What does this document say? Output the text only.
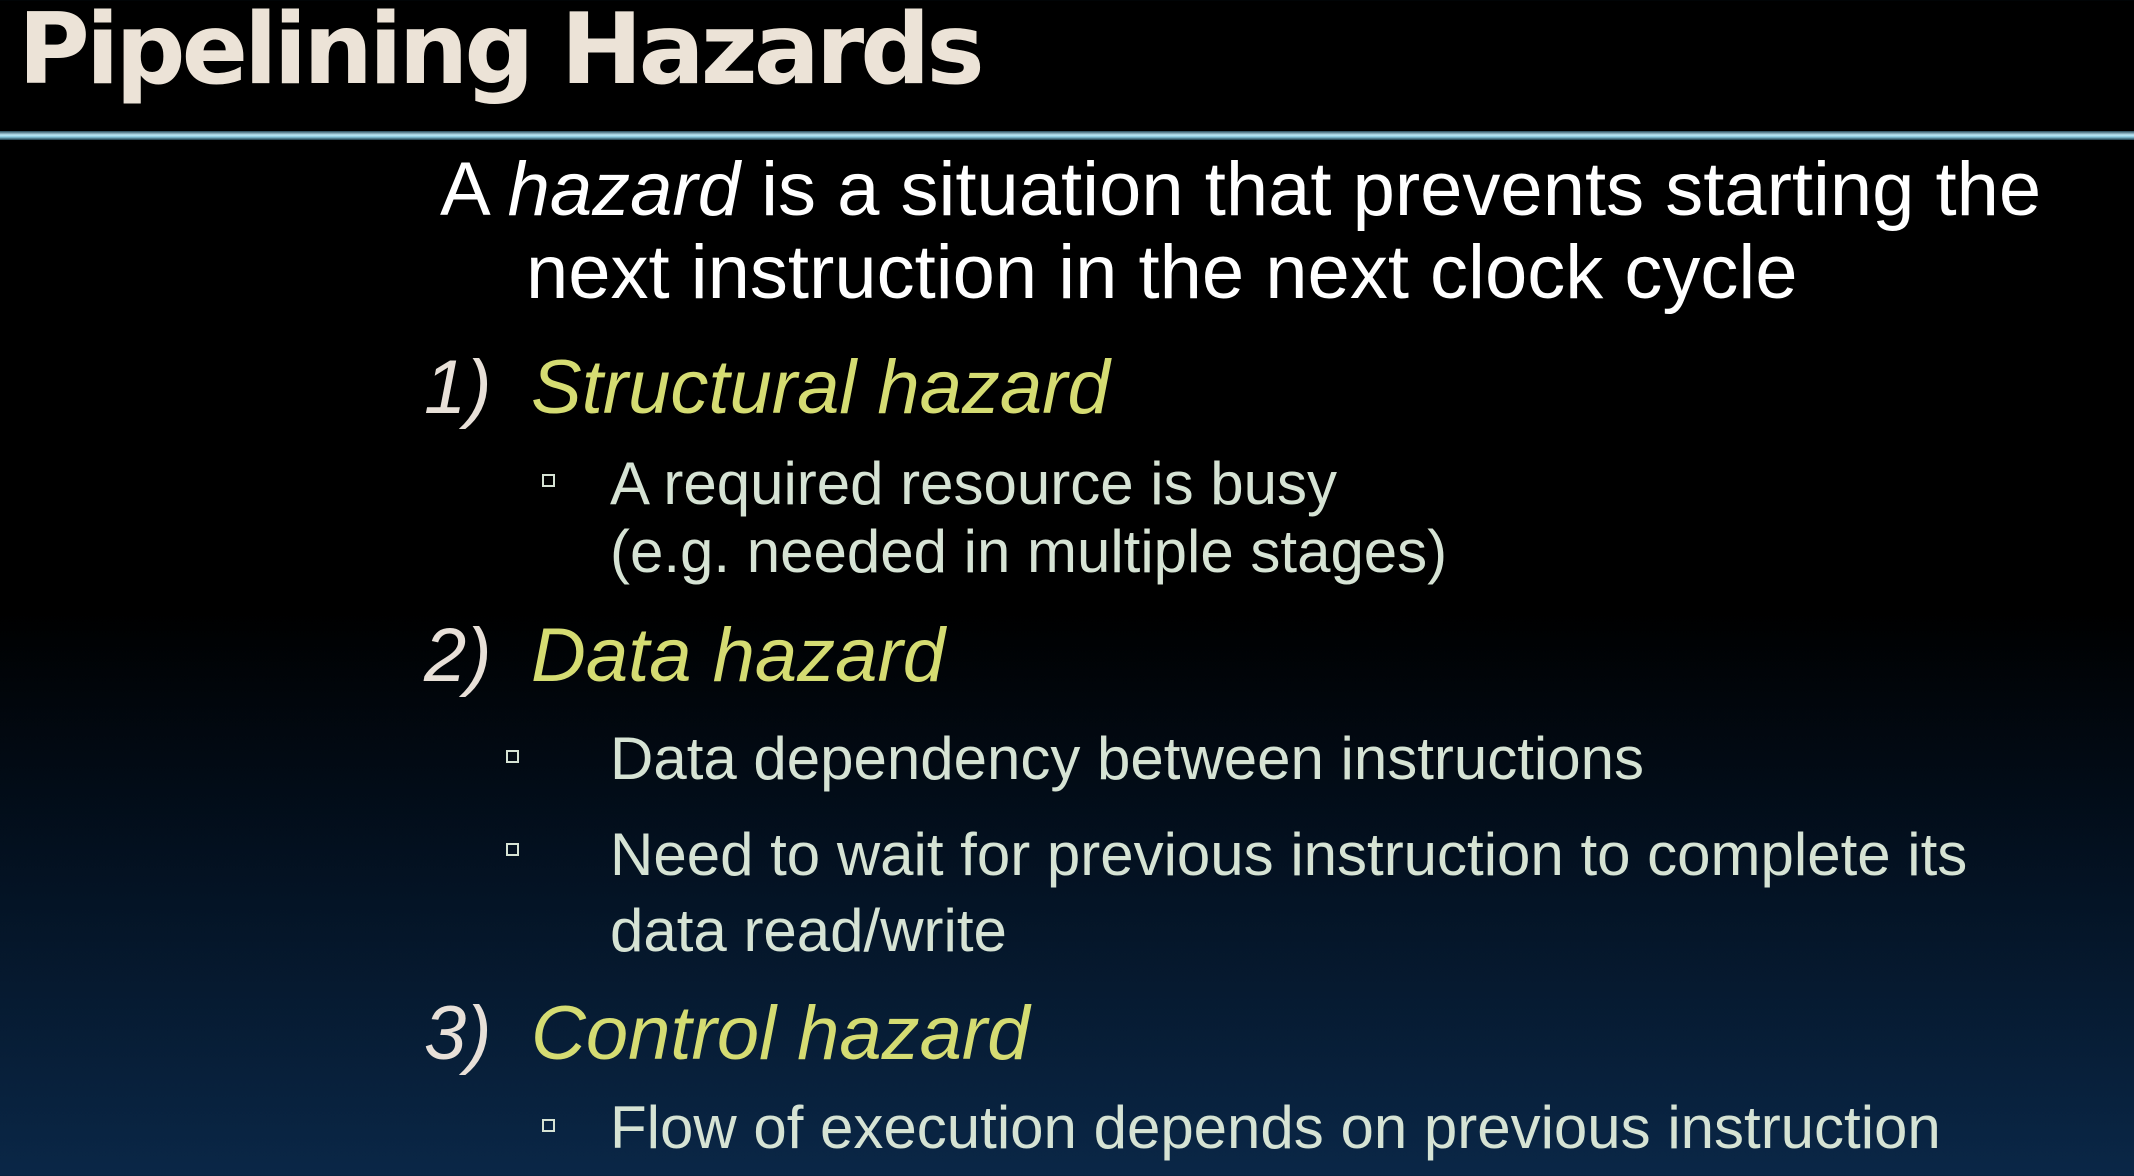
Pipelining Hazards

A hazard is a situation that prevents starting the
next instruction in the next clock cycle

1) Structural hazard

A required resource is busy
(e.g. needed in multiple stages)

2) Data hazard

Data dependency between instructions

Need to wait for previous instruction to complete its
data read/write

3) Control hazard

Flow of execution depends on previous instruction
